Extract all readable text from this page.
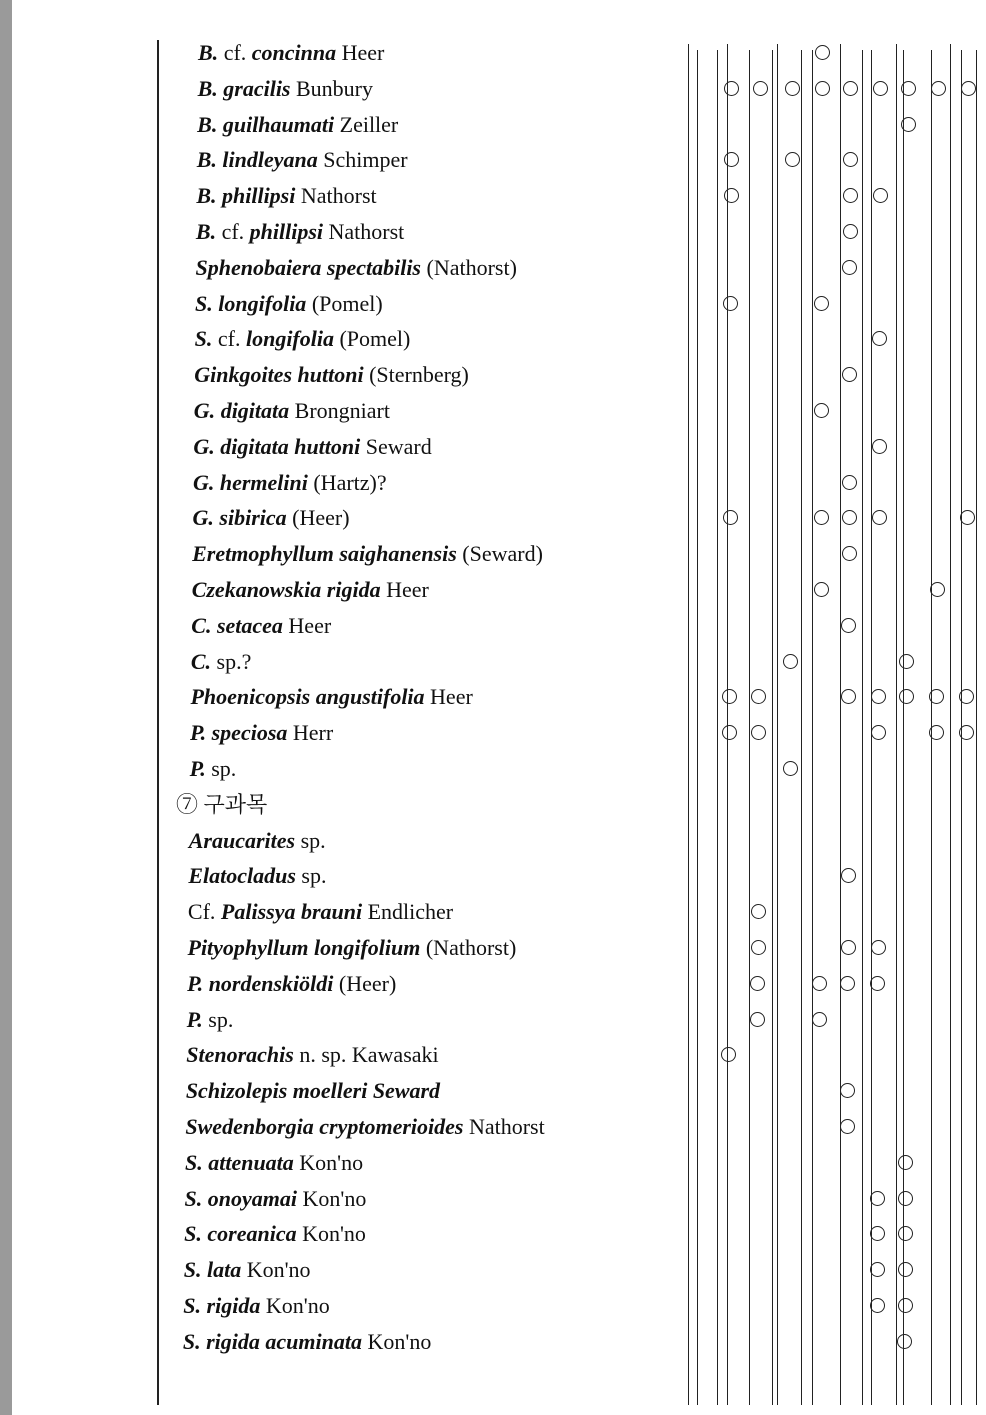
B. cf. concinna Heer
B. gracilis Bunbury
B. guilhaumati Zeiller
B. lindleyana Schimper
B. phillipsi Nathorst
B. cf. phillipsi Nathorst
Sphenobaiera spectabilis (Nathorst)
S. longifolia (Pomel)
S. cf. longifolia (Pomel)
Ginkgoites huttoni (Sternberg)
G. digitata Brongniart
G. digitata huttoni Seward
G. hermelini (Hartz)?
G. sibirica (Heer)
Eretmophyllum saighanensis (Seward)
Czekanowskia rigida Heer
C. setacea Heer
C. sp.?
Phoenicopsis angustifolia Heer
P. speciosa Herr
P. sp.
⑦ 구과목
Araucarites sp.
Elatocladus sp.
Cf. Palissya brauni Endlicher
Pityophyllum longifolium (Nathorst)
P. nordenskiöldi (Heer)
P. sp.
Stenorachis n. sp. Kawasaki
Schizolepis moelleri Seward
Swedenborgia cryptomerioides Nathorst
S. attenuata Kon'no
S. onoyamai Kon'no
S. coreanica Kon'no
S. lata Kon'no
S. rigida Kon'no
S. rigida acuminata Kon'no
